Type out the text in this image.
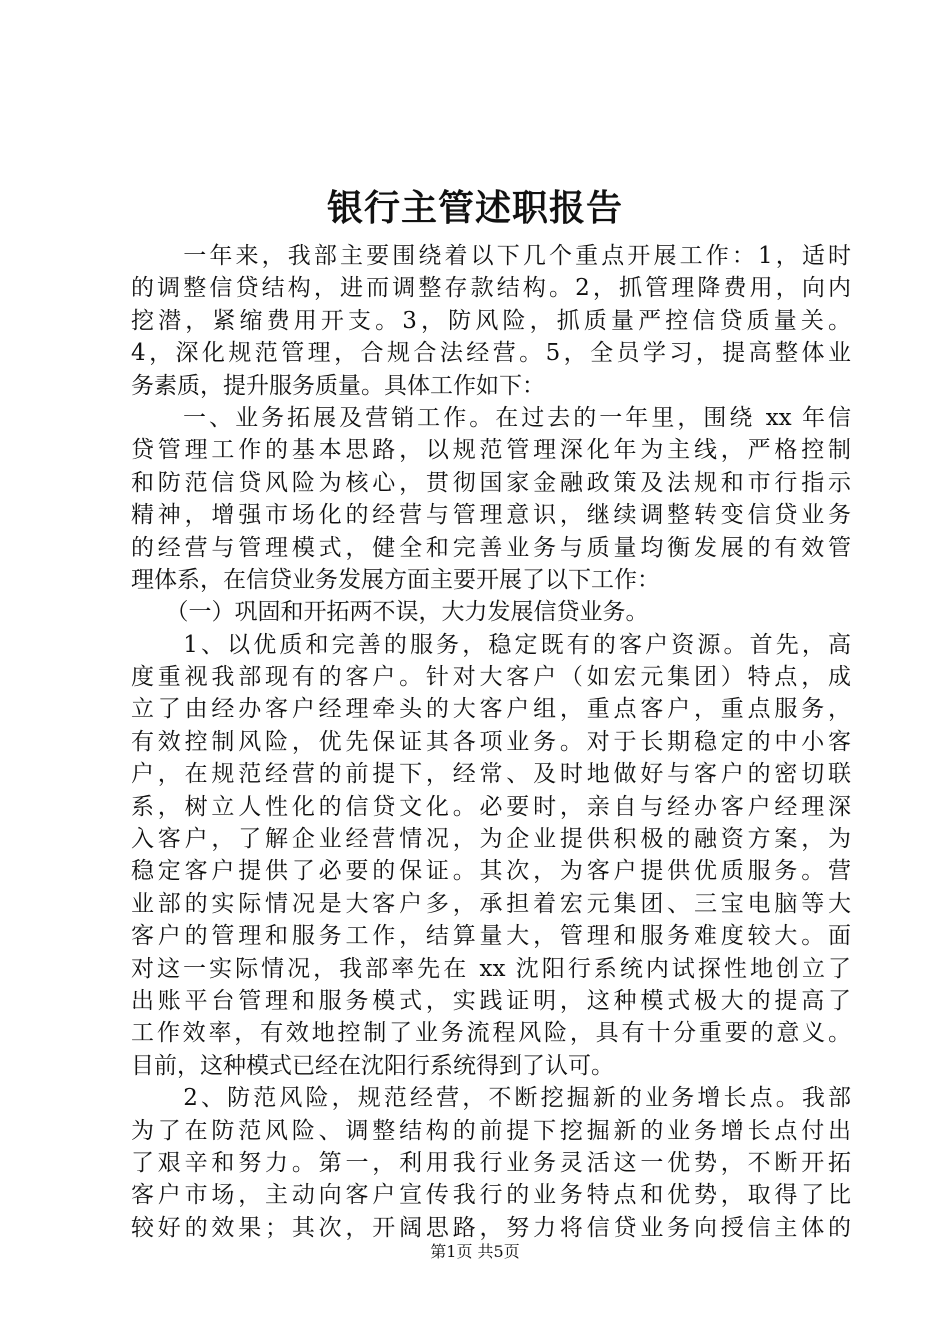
银行主管述职报告
　　一年来，我部主要围绕着以下几个重点开展工作：1，适时
的调整信贷结构，进而调整存款结构。2，抓管理降费用，向内
挖潜，紧缩费用开支。3，防风险，抓质量严控信贷质量关。
4，深化规范管理，合规合法经营。5，全员学习，提高整体业
务素质，提升服务质量。具体工作如下：
　　一、业务拓展及营销工作。在过去的一年里，围绕 xx 年信
贷管理工作的基本思路，以规范管理深化年为主线，严格控制
和防范信贷风险为核心，贯彻国家金融政策及法规和市行指示
精神，增强市场化的经营与管理意识，继续调整转变信贷业务
的经营与管理模式，健全和完善业务与质量均衡发展的有效管
理体系，在信贷业务发展方面主要开展了以下工作：
　　（一）巩固和开拓两不误，大力发展信贷业务。
　　1、以优质和完善的服务，稳定既有的客户资源。首先，高
度重视我部现有的客户。针对大客户（如宏元集团）特点，成
立了由经办客户经理牵头的大客户组，重点客户，重点服务，
有效控制风险，优先保证其各项业务。对于长期稳定的中小客
户，在规范经营的前提下，经常、及时地做好与客户的密切联
系，树立人性化的信贷文化。必要时，亲自与经办客户经理深
入客户，了解企业经营情况，为企业提供积极的融资方案，为
稳定客户提供了必要的保证。其次，为客户提供优质服务。营
业部的实际情况是大客户多，承担着宏元集团、三宝电脑等大
客户的管理和服务工作，结算量大，管理和服务难度较大。面
对这一实际情况，我部率先在 xx 沈阳行系统内试探性地创立了
出账平台管理和服务模式，实践证明，这种模式极大的提高了
工作效率，有效地控制了业务流程风险，具有十分重要的意义。
目前，这种模式已经在沈阳行系统得到了认可。
　　2、防范风险，规范经营，不断挖掘新的业务增长点。我部
为了在防范风险、调整结构的前提下挖掘新的业务增长点付出
了艰辛和努力。第一，利用我行业务灵活这一优势，不断开拓
客户市场，主动向客户宣传我行的业务特点和优势，取得了比
较好的效果；其次，开阔思路，努力将信贷业务向授信主体的
第1页 共5页
